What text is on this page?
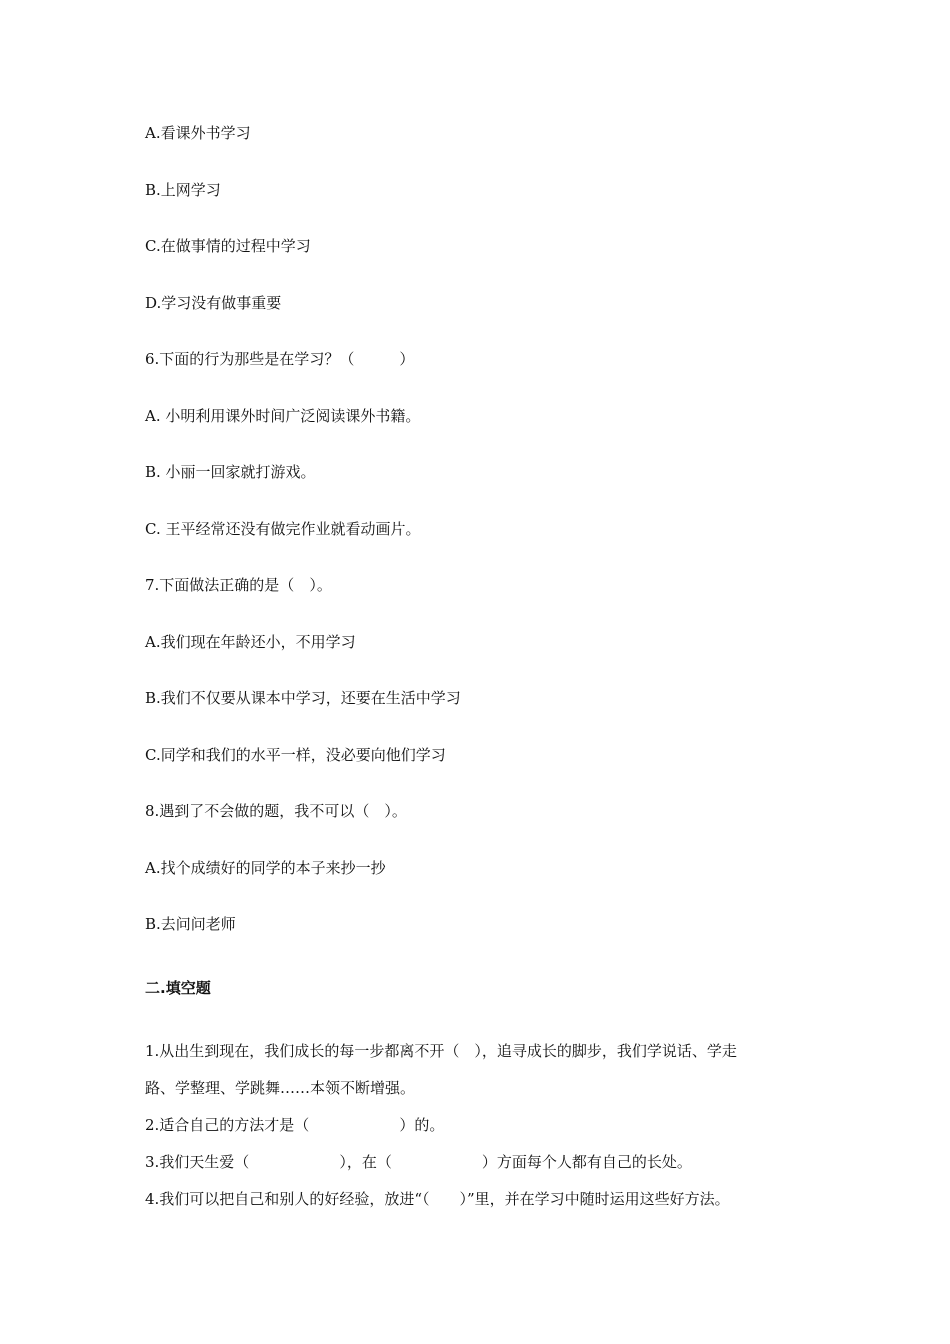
A.看课外书学习

B.上网学习

C.在做事情的过程中学习

D.学习没有做事重要

6.下面的行为那些是在学习？（　　　）

A. 小明利用课外时间广泛阅读课外书籍。

B. 小丽一回家就打游戏。

C. 王平经常还没有做完作业就看动画片。

7.下面做法正确的是（　）。

A.我们现在年龄还小，不用学习

B.我们不仅要从课本中学习，还要在生活中学习

C.同学和我们的水平一样，没必要向他们学习

8.遇到了不会做的题，我不可以（　）。

A.找个成绩好的同学的本子来抄一抄

B.去问问老师

二.填空题

1.从出生到现在，我们成长的每一步都离不开（　），追寻成长的脚步，我们学说话、学走

路、学整理、学跳舞……本领不断增强。

2.适合自己的方法才是（　　　　　　）的。

3.我们天生爱（　　　　　　），在（　　　　　　）方面每个人都有自己的长处。

4.我们可以把自己和别人的好经验，放进“（　　）”里，并在学习中随时运用这些好方法。
